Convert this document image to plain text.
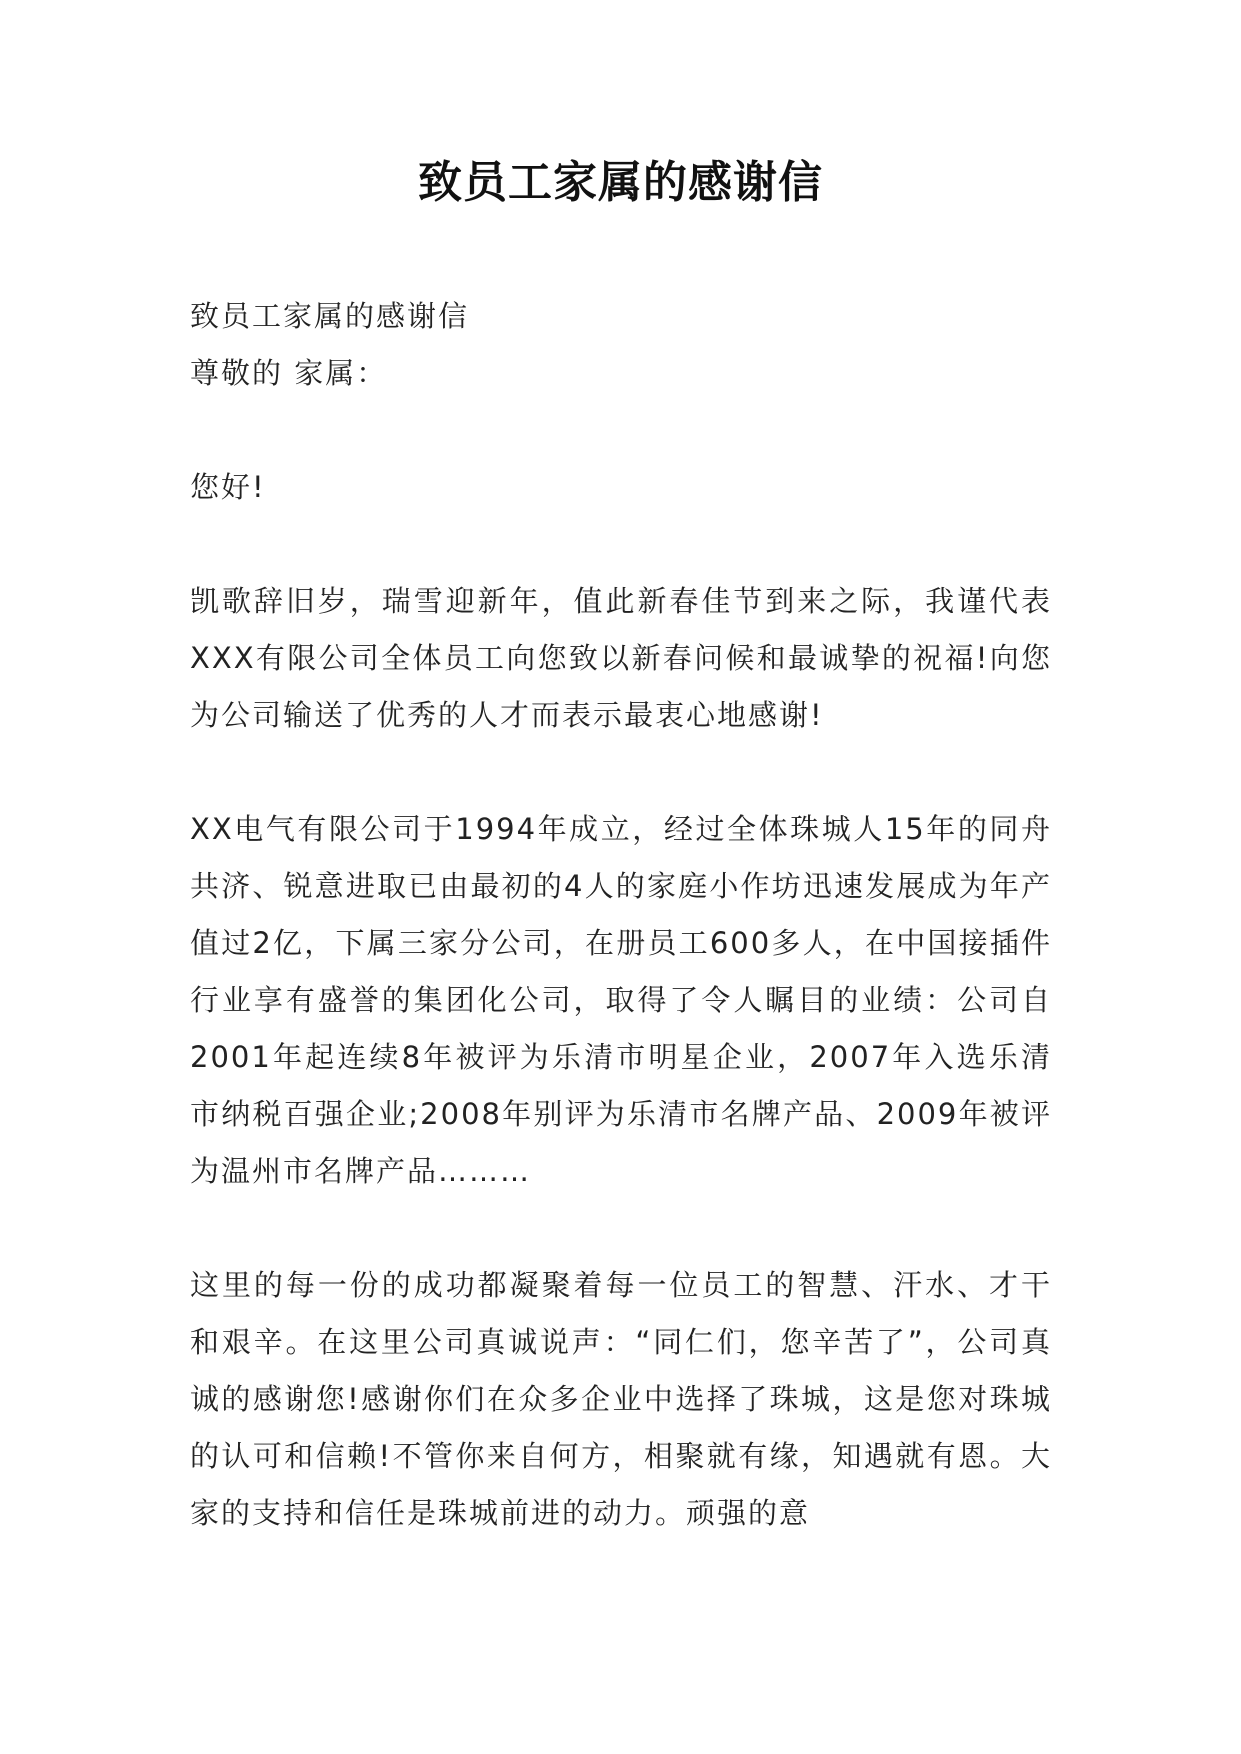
致员工家属的感谢信

致员工家属的感谢信

尊敬的 家属：

您好!

凯歌辞旧岁，瑞雪迎新年，值此新春佳节到来之际，我谨代表XXX有限公司全体员工向您致以新春问候和最诚挚的祝福!向您为公司输送了优秀的人才而表示最衷心地感谢!

XX电气有限公司于1994年成立，经过全体珠城人15年的同舟共济、锐意进取已由最初的4人的家庭小作坊迅速发展成为年产值过2亿，下属三家分公司，在册员工600多人，在中国接插件行业享有盛誉的集团化公司，取得了令人瞩目的业绩：公司自2001年起连续8年被评为乐清市明星企业，2007年入选乐清市纳税百强企业;2008年别评为乐清市名牌产品、2009年被评为温州市名牌产品………

这里的每一份的成功都凝聚着每一位员工的智慧、汗水、才干和艰辛。在这里公司真诚说声：“同仁们，您辛苦了”，公司真诚的感谢您!感谢你们在众多企业中选择了珠城，这是您对珠城的认可和信赖!不管你来自何方，相聚就有缘，知遇就有恩。大家的支持和信任是珠城前进的动力。顽强的意
